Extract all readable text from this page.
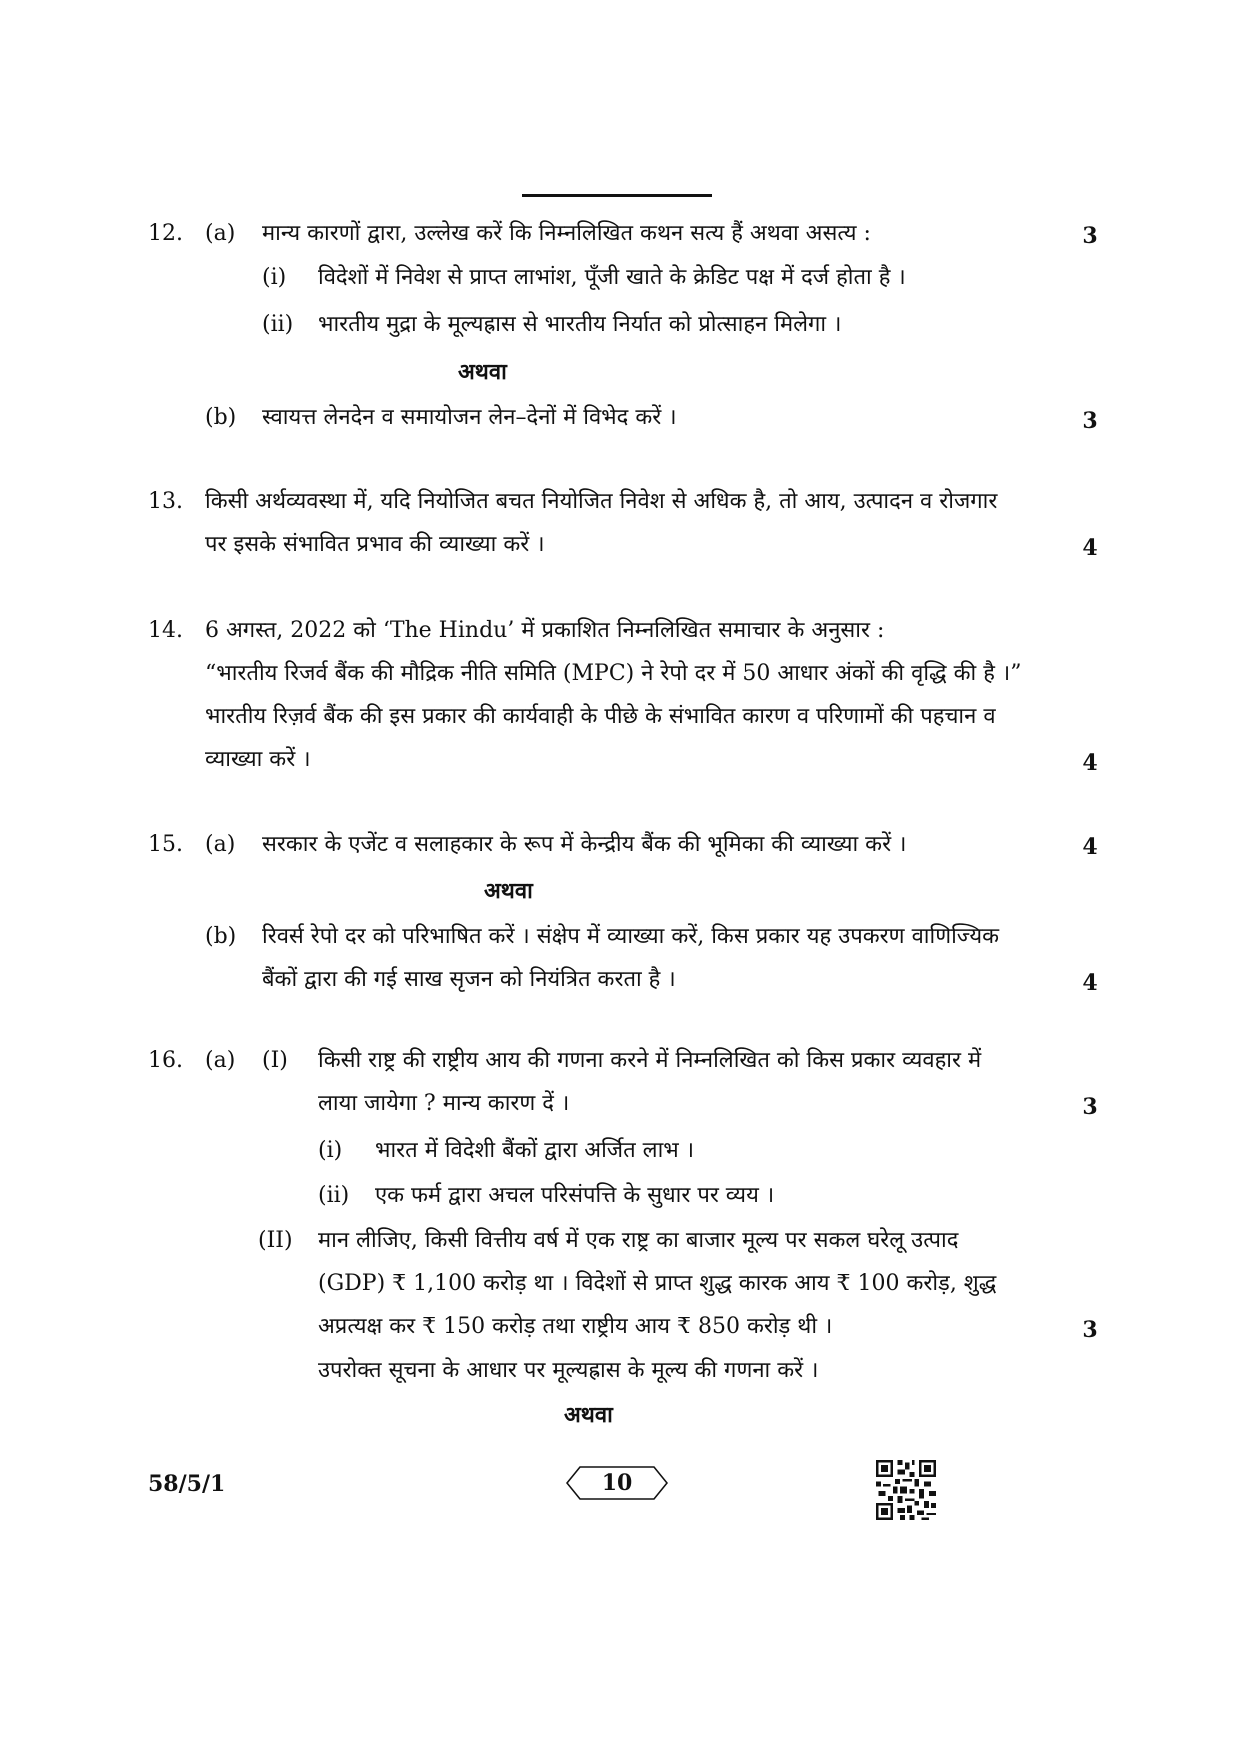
12. (a) मान्य कारणों द्वारा, उल्लेख करें कि निम्नलिखित कथन सत्य हैं अथवा असत्य :	3
(i) विदेशों में निवेश से प्राप्त लाभांश, पूँजी खाते के क्रेडिट पक्ष में दर्ज होता है ।
(ii) भारतीय मुद्रा के मूल्यह्रास से भारतीय निर्यात को प्रोत्साहन मिलेगा ।
अथवा
(b) स्वायत्त लेनदेन व समायोजन लेन–देनों में विभेद करें ।	3
13. किसी अर्थव्यवस्था में, यदि नियोजित बचत नियोजित निवेश से अधिक है, तो आय, उत्पादन व रोजगार
पर इसके संभावित प्रभाव की व्याख्या करें ।	4
14. 6 अगस्त, 2022 को ‘The Hindu’ में प्रकाशित निम्नलिखित समाचार के अनुसार :
“भारतीय रिजर्व बैंक की मौद्रिक नीति समिति (MPC) ने रेपो दर में 50 आधार अंकों की वृद्धि की है ।”
भारतीय रिज़र्व बैंक की इस प्रकार की कार्यवाही के पीछे के संभावित कारण व परिणामों की पहचान व
व्याख्या करें ।	4
15. (a) सरकार के एजेंट व सलाहकार के रूप में केन्द्रीय बैंक की भूमिका की व्याख्या करें ।	4
अथवा
(b) रिवर्स रेपो दर को परिभाषित करें । संक्षेप में व्याख्या करें, किस प्रकार यह उपकरण वाणिज्यिक
बैंकों द्वारा की गई साख सृजन को नियंत्रित करता है ।	4
16. (a) (I) किसी राष्ट्र की राष्ट्रीय आय की गणना करने में निम्नलिखित को किस प्रकार व्यवहार में
लाया जायेगा ? मान्य कारण दें ।	3
(i) भारत में विदेशी बैंकों द्वारा अर्जित लाभ ।
(ii) एक फर्म द्वारा अचल परिसंपत्ति के सुधार पर व्यय ।
(II) मान लीजिए, किसी वित्तीय वर्ष में एक राष्ट्र का बाजार मूल्य पर सकल घरेलू उत्पाद
(GDP) ₹ 1,100 करोड़ था । विदेशों से प्राप्त शुद्ध कारक आय ₹ 100 करोड़, शुद्ध
अप्रत्यक्ष कर ₹ 150 करोड़ तथा राष्ट्रीय आय ₹ 850 करोड़ थी ।	3
उपरोक्त सूचना के आधार पर मूल्यह्रास के मूल्य की गणना करें ।
अथवा
58/5/1	10
